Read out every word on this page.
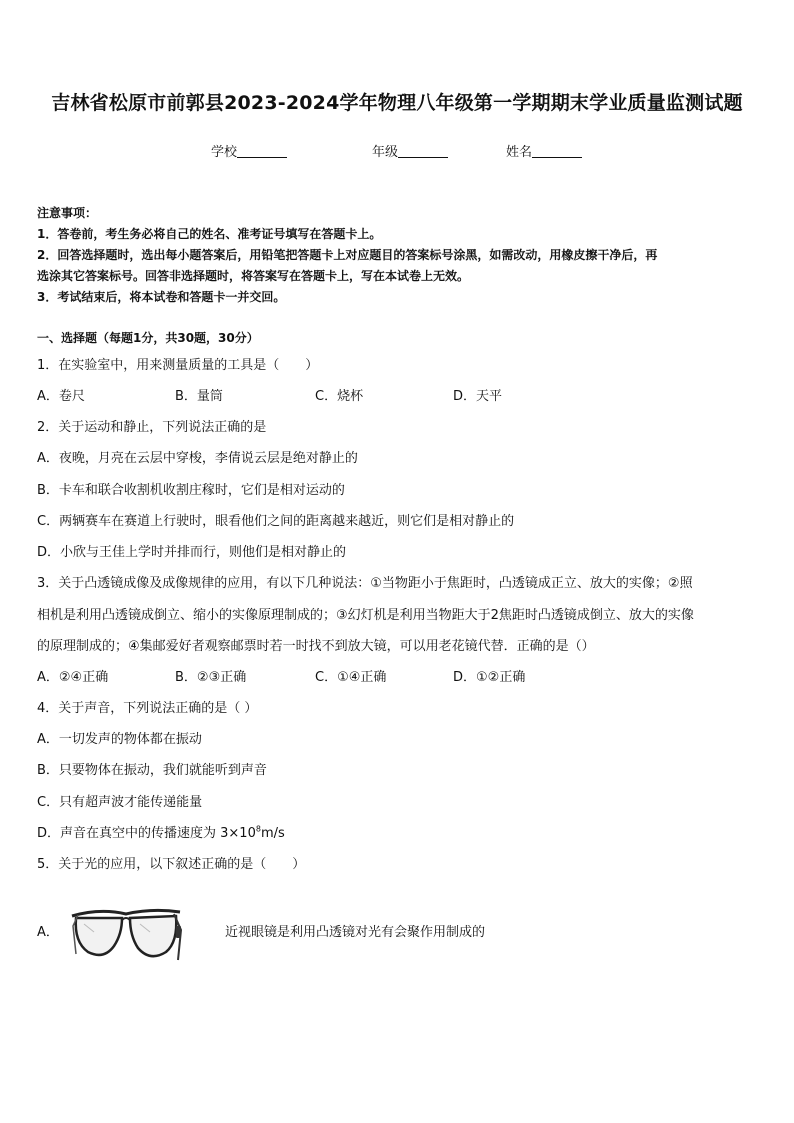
吉林省松原市前郭县2023-2024学年物理八年级第一学期期末学业质量监测试题
学校	年级	姓名
注意事项：
1．答卷前，考生务必将自己的姓名、准考证号填写在答题卡上。
2．回答选择题时，选出每小题答案后，用铅笔把答题卡上对应题目的答案标号涂黑，如需改动，用橡皮擦干净后，再
选涂其它答案标号。回答非选择题时，将答案写在答题卡上，写在本试卷上无效。
3．考试结束后，将本试卷和答题卡一并交回。
一、选择题（每题1分，共30题，30分）
1．在实验室中，用来测量质量的工具是（　　）
A．卷尺	B．量筒	C．烧杯	D．天平
2．关于运动和静止，下列说法正确的是
A．夜晚，月亮在云层中穿梭，李倩说云层是绝对静止的
B．卡车和联合收割机收割庄稼时，它们是相对运动的
C．两辆赛车在赛道上行驶时，眼看他们之间的距离越来越近，则它们是相对静止的
D．小欣与王佳上学时并排而行，则他们是相对静止的
3．关于凸透镜成像及成像规律的应用，有以下几种说法：①当物距小于焦距时，凸透镜成正立、放大的实像；②照
相机是利用凸透镜成倒立、缩小的实像原理制成的；③幻灯机是利用当物距大于2焦距时凸透镜成倒立、放大的实像
的原理制成的；④集邮爱好者观察邮票时若一时找不到放大镜，可以用老花镜代替．正确的是（）
A．②④正确	B．②③正确	C．①④正确	D．①②正确
4．关于声音，下列说法正确的是（ ）
A．一切发声的物体都在振动
B．只要物体在振动，我们就能听到声音
C．只有超声波才能传递能量
D．声音在真空中的传播速度为 $3\times 10^8m/s$
5．关于光的应用，以下叙述正确的是（　　）
A．	近视眼镜是利用凸透镜对光有会聚作用制成的
